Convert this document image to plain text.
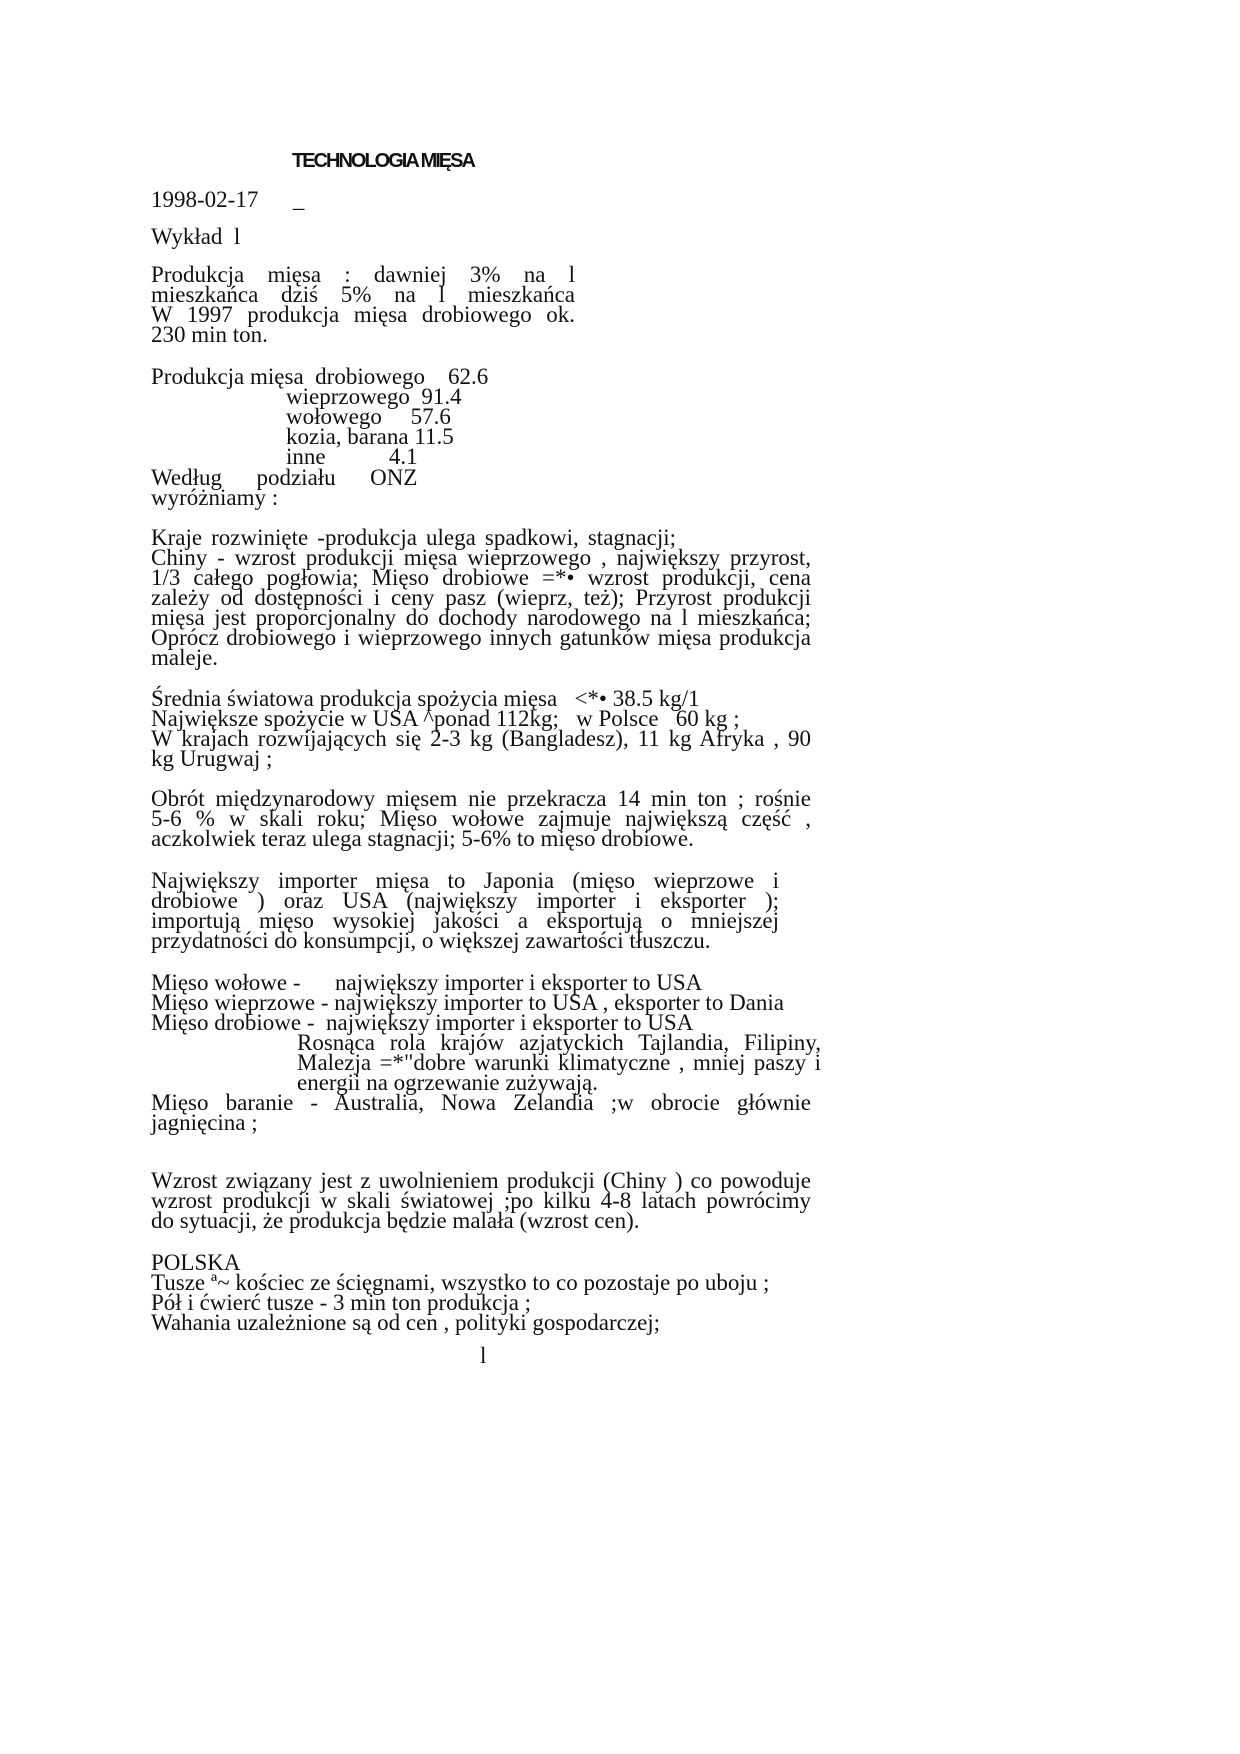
TECHNOLOGIA MIĘSA
1998-02-17      _
Wykład  l
Produkcja mięsa : dawniej 3% na l
mieszkańca dziś 5% na l mieszkańca
W 1997 produkcja mięsa drobiowego ok.
230 min ton.
Produkcja mięsa  drobiowego    62.6
wieprzowego  91.4
wołowego     57.6
kozia, barana 11.5
inne           4.1
Według      podziału      ONZ
wyróżniamy :
Kraje rozwinięte -produkcja ulega spadkowi, stagnacji;
Chiny - wzrost produkcji mięsa wieprzowego , największy przyrost,
1/3 całego pogłowia; Mięso drobiowe =*• wzrost produkcji, cena
zależy od dostępności i ceny pasz (wieprz, też); Przyrost produkcji
mięsa jest proporcjonalny do dochody narodowego na l mieszkańca;
Oprócz drobiowego i wieprzowego innych gatunków mięsa produkcja
maleje.
Średnia światowa produkcja spożycia mięsa   <*• 38.5 kg/1
Największe spożycie w USA ^ponad 112kg;   w Polsce   60 kg ;
W krajach rozwijających się 2-3 kg (Bangladesz), 11 kg Afryka , 90
kg Urugwaj ;
Obrót międzynarodowy mięsem nie przekracza 14 min ton ; rośnie
5-6 % w skali roku; Mięso wołowe zajmuje największą część ,
aczkolwiek teraz ulega stagnacji; 5-6% to mięso drobiowe.
Największy importer mięsa to Japonia (mięso wieprzowe i
drobiowe ) oraz USA (największy importer i eksporter );
importują mięso wysokiej jakości a eksportują o mniejszej
przydatności do konsumpcji, o większej zawartości tłuszczu.
Mięso wołowe -      największy importer i eksporter to USA
Mięso wieprzowe - największy importer to USA , eksporter to Dania
Mięso drobiowe -  największy importer i eksporter to USA
Rosnąca rola krajów azjatyckich Tajlandia, Filipiny,
Malezja =*"dobre warunki klimatyczne , mniej paszy i
energii na ogrzewanie zużywają.
Mięso baranie - Australia, Nowa Zelandia ;w obrocie głównie
jagnięcina ;
Wzrost związany jest z uwolnieniem produkcji (Chiny ) co powoduje
wzrost produkcji w skali światowej ;po kilku 4-8 latach powrócimy
do sytuacji, że produkcja będzie malała (wzrost cen).
POLSKA
Tusze ª~ kościec ze ścięgnami, wszystko to co pozostaje po uboju ;
Pół i ćwierć tusze - 3 min ton produkcja ;
Wahania uzależnione są od cen , polityki gospodarczej;
l
